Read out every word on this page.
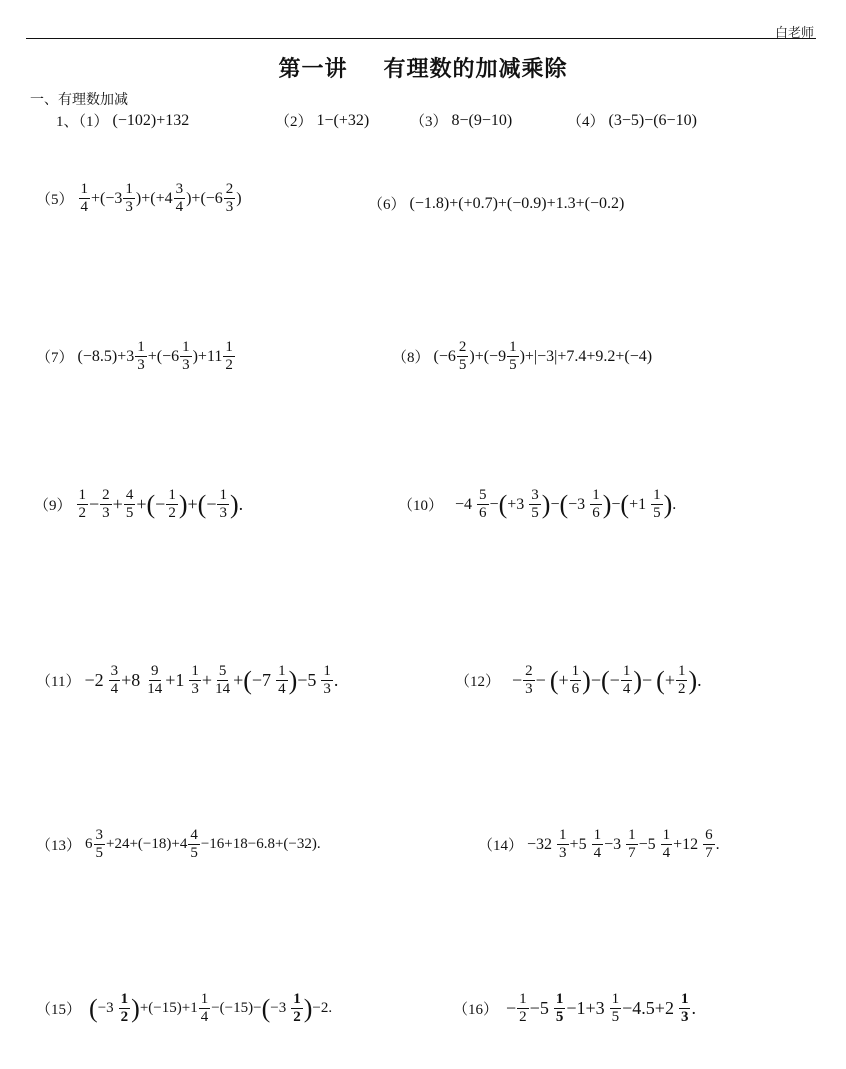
白老师
第一讲 有理数的加减乘除
一、有理数加减
1、（1） (−102)+132	（2） 1−(+32)	（3） 8−(9−10)	（4） (3−5)−(6−10)
$(5) \frac{1}{4} +(-3 \frac{1}{3} )+(+4 \frac{3}{4} )+(-6 \frac{2}{3}$ )	（6） (−1.8)+(+0.7)+(−0.9)+1.3+(−0.2)
（7） $(-8.5)+3 \frac{1}{3} +(-6 \frac{1}{3} )+11 \frac{1}{2}$	（8） $(-6 \frac{2}{5} )+(-9 \frac{1}{5} )+|-3|+7.4+9.2+(-4)$
$(9) \frac{1}{2} - \frac{2}{3} + \frac{4}{5}$ + ( − $\frac{1}{2}$ ) + ( − $\frac{1}{3}$ ) .	$(10) -4 \frac{5}{6}$ − ( $+3 \frac{3}{5}$ ) − ( $-3 \frac{1}{6}$ ) − ( $+1 \frac{1}{5}$ ) .
$(11) -2 \frac{3}{4} +8 \frac{9}{14} +1 \frac{1}{3} + \frac{5}{14}$ + ( $-7 \frac{1}{4}$ ) $-5 \frac{1}{3}$ .	$(12) - \frac{2}{3}$ − ( + $\frac{1}{6}$ ) − ( − $\frac{1}{4}$ ) − ( + $\frac{1}{2}$ ) .
（13） $6 \frac{3}{5} +24+(-18)+4 \frac{4}{5} -16+18-6.8+(-32)$.	$(14) -32 \frac{1}{3} +5 \frac{1}{4} -3 \frac{1}{7} -5 \frac{1}{4} +12 \frac{6}{7}$ .
（15） ( $-3 \frac{1}{2}$ ) $+(-15)+1 \frac{1}{4} -(-15)-$ ( $-3 \frac{1}{2}$ ) −2.	$(16) - \frac{1}{2} -5 \frac{1}{5} -1+3 \frac{1}{5} -4.5+2 \frac{1}{3}$ .
